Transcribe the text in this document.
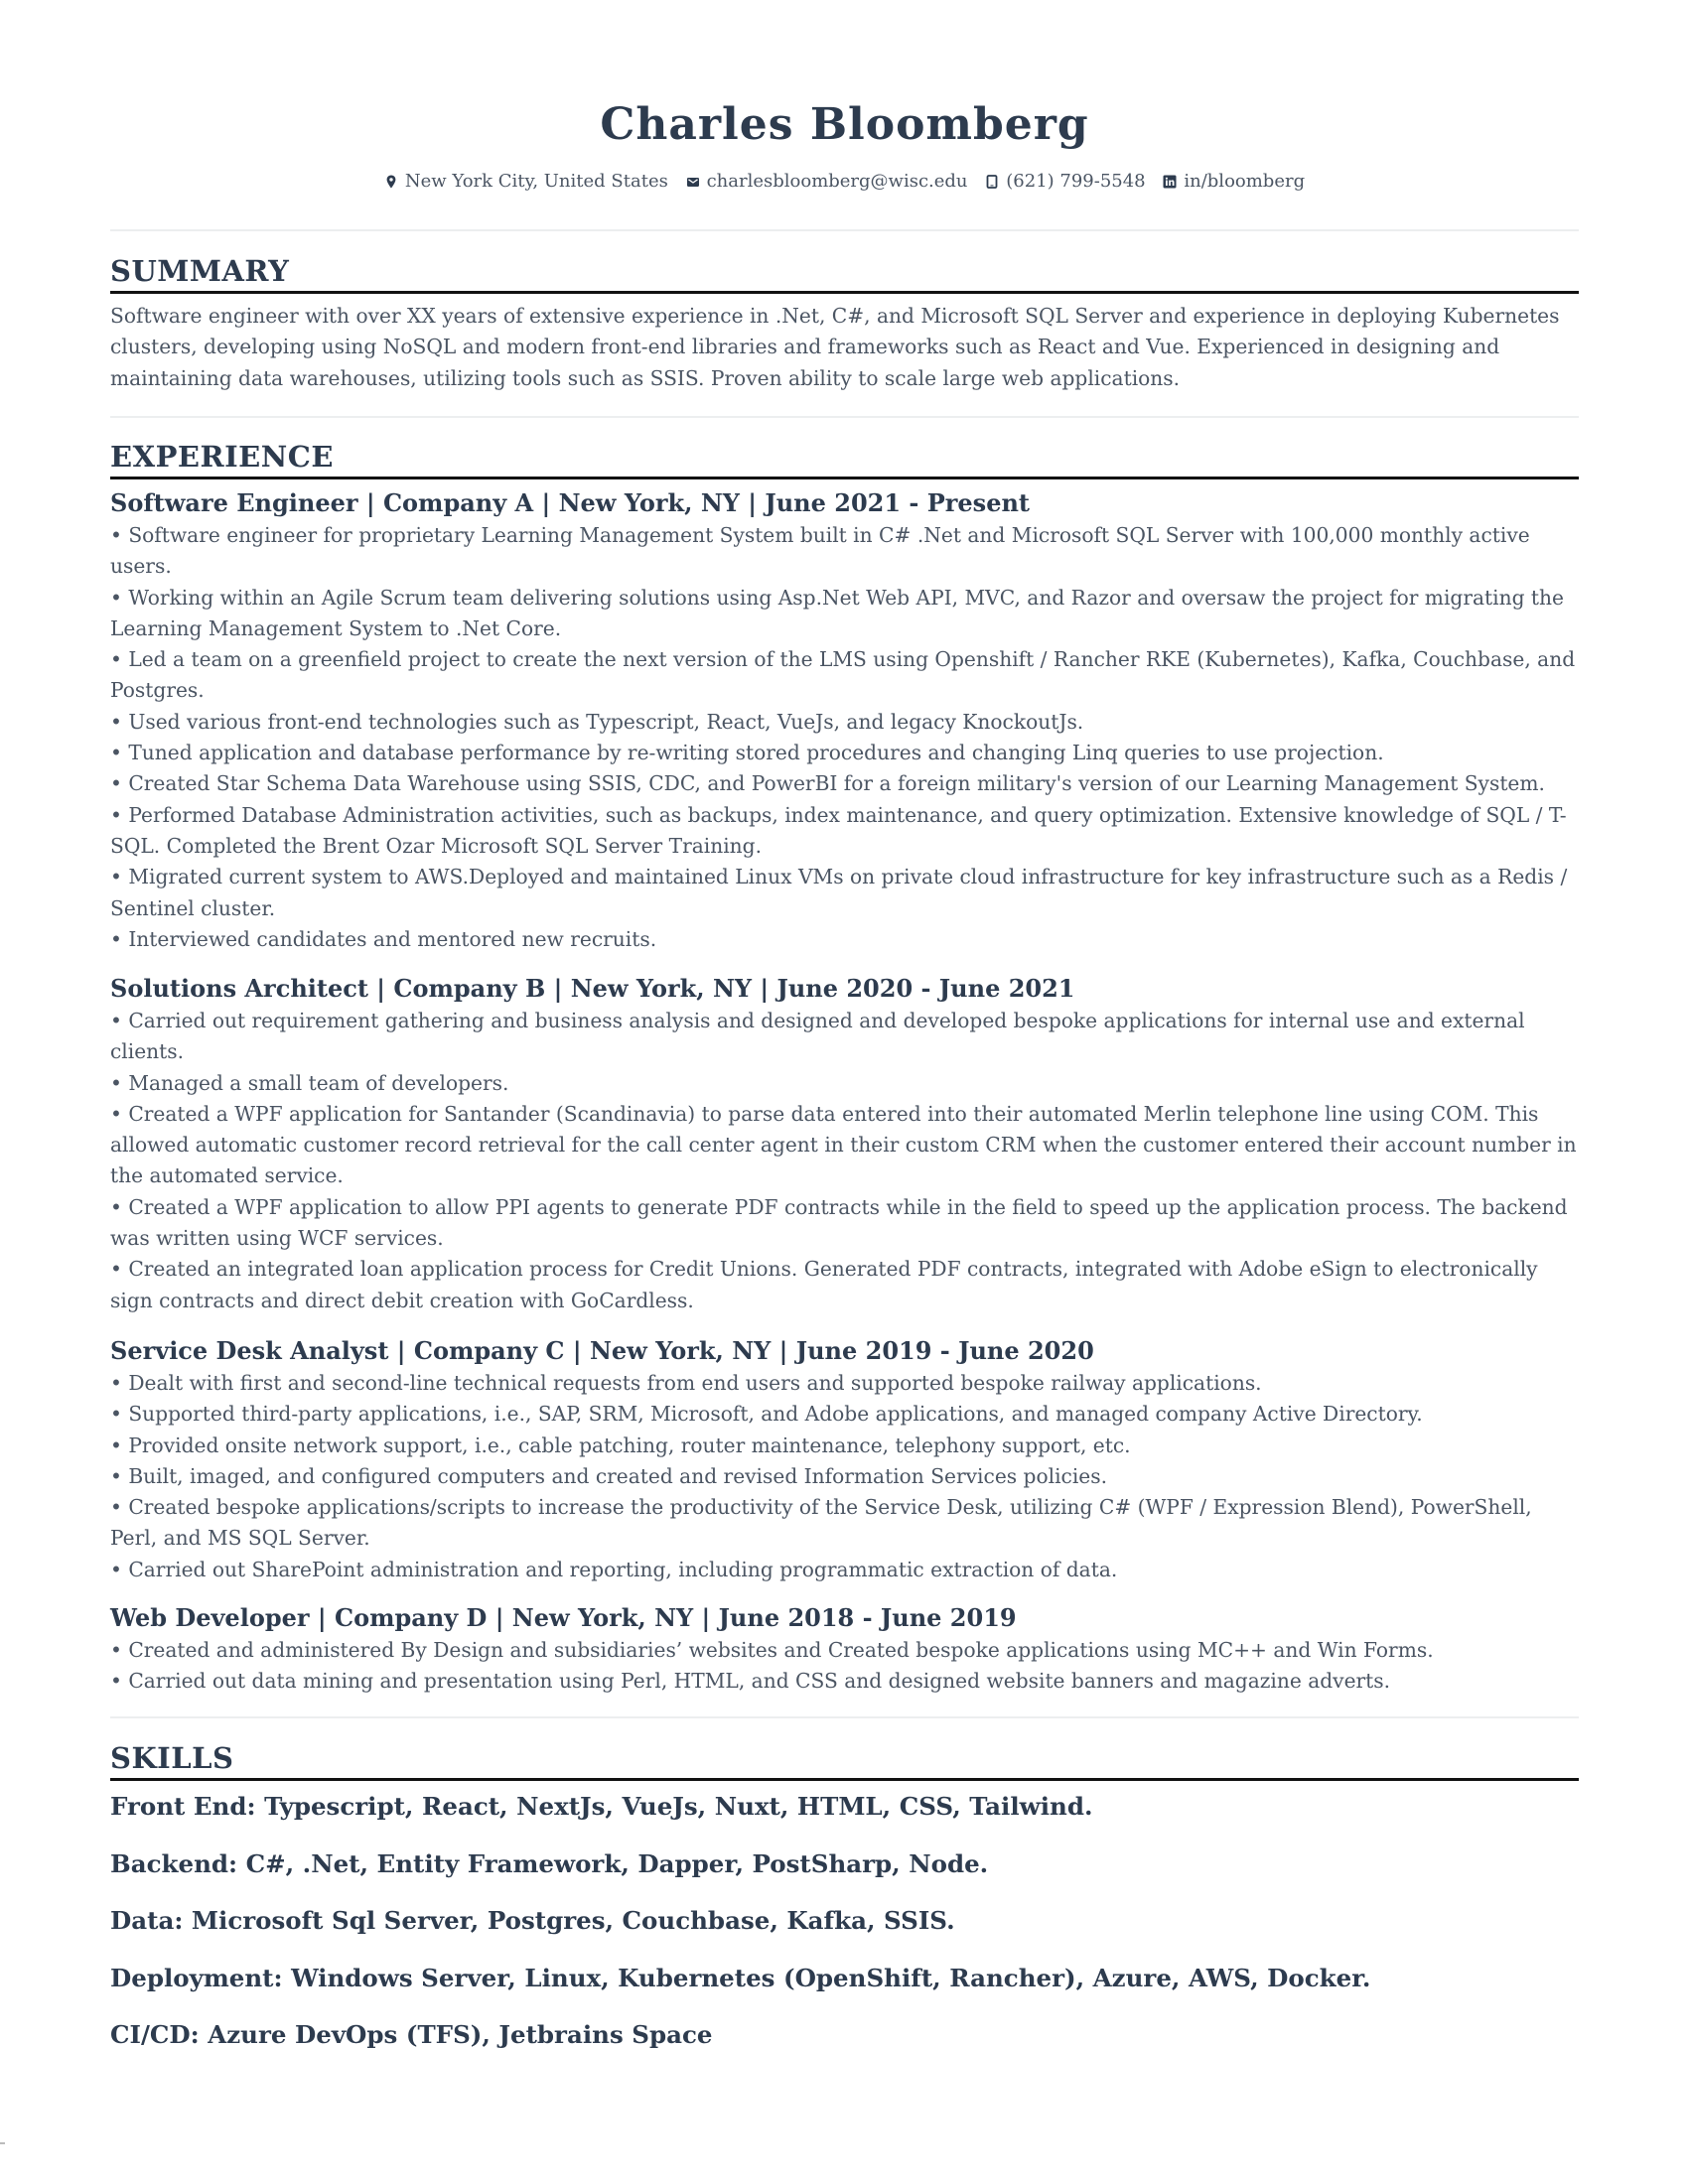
Charles Bloomberg
New York City, United States
charlesbloomberg@wisc.edu
(621) 799-5548
in/bloomberg
SUMMARY
Software engineer with over XX years of extensive experience in .Net, C#, and Microsoft SQL Server and experience in deploying Kubernetes clusters, developing using NoSQL and modern front-end libraries and frameworks such as React and Vue. Experienced in designing and maintaining data warehouses, utilizing tools such as SSIS. Proven ability to scale large web applications.
EXPERIENCE
Software Engineer | Company A | New York, NY | June 2021 - Present
• Software engineer for proprietary Learning Management System built in C# .Net and Microsoft SQL Server with 100,000 monthly active users.
• Working within an Agile Scrum team delivering solutions using Asp.Net Web API, MVC, and Razor and oversaw the project for migrating the Learning Management System to .Net Core.
• Led a team on a greenfield project to create the next version of the LMS using Openshift / Rancher RKE (Kubernetes), Kafka, Couchbase, and Postgres.
• Used various front-end technologies such as Typescript, React, VueJs, and legacy KnockoutJs.
• Tuned application and database performance by re-writing stored procedures and changing Linq queries to use projection.
• Created Star Schema Data Warehouse using SSIS, CDC, and PowerBI for a foreign military's version of our Learning Management System.
• Performed Database Administration activities, such as backups, index maintenance, and query optimization. Extensive knowledge of SQL / T-SQL. Completed the Brent Ozar Microsoft SQL Server Training.
• Migrated current system to AWS.Deployed and maintained Linux VMs on private cloud infrastructure for key infrastructure such as a Redis / Sentinel cluster.
• Interviewed candidates and mentored new recruits.
Solutions Architect | Company B | New York, NY | June 2020 - June 2021
• Carried out requirement gathering and business analysis and designed and developed bespoke applications for internal use and external clients.
• Managed a small team of developers.
• Created a WPF application for Santander (Scandinavia) to parse data entered into their automated Merlin telephone line using COM. This allowed automatic customer record retrieval for the call center agent in their custom CRM when the customer entered their account number in the automated service.
• Created a WPF application to allow PPI agents to generate PDF contracts while in the field to speed up the application process. The backend was written using WCF services.
• Created an integrated loan application process for Credit Unions. Generated PDF contracts, integrated with Adobe eSign to electronically sign contracts and direct debit creation with GoCardless.
Service Desk Analyst | Company C | New York, NY | June 2019 - June 2020
• Dealt with first and second-line technical requests from end users and supported bespoke railway applications.
• Supported third-party applications, i.e., SAP, SRM, Microsoft, and Adobe applications, and managed company Active Directory.
• Provided onsite network support, i.e., cable patching, router maintenance, telephony support, etc.
• Built, imaged, and configured computers and created and revised Information Services policies.
• Created bespoke applications/scripts to increase the productivity of the Service Desk, utilizing C# (WPF / Expression Blend), PowerShell, Perl, and MS SQL Server.
• Carried out SharePoint administration and reporting, including programmatic extraction of data.
Web Developer | Company D | New York, NY | June 2018 - June 2019
• Created and administered By Design and subsidiaries’ websites and Created bespoke applications using MC++ and Win Forms.
• Carried out data mining and presentation using Perl, HTML, and CSS and designed website banners and magazine adverts.
SKILLS
Front End: Typescript, React, NextJs, VueJs, Nuxt, HTML, CSS, Tailwind.
Backend: C#, .Net, Entity Framework, Dapper, PostSharp, Node.
Data: Microsoft Sql Server, Postgres, Couchbase, Kafka, SSIS.
Deployment: Windows Server, Linux, Kubernetes (OpenShift, Rancher), Azure, AWS, Docker.
CI/CD: Azure DevOps (TFS), Jetbrains Space
